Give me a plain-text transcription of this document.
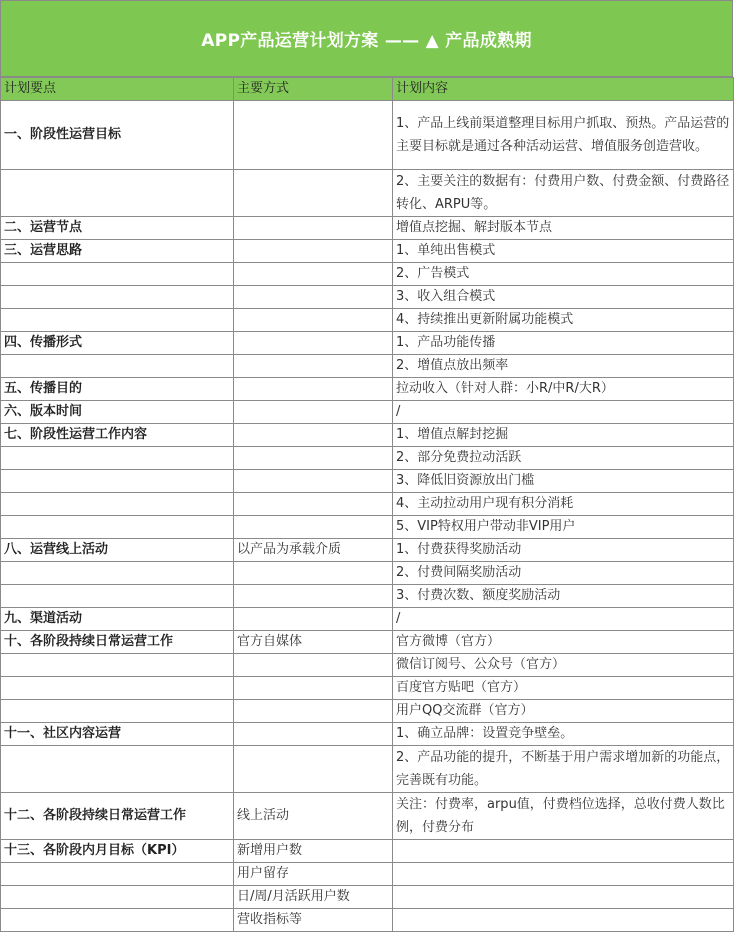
APP产品运营计划方案 —— ▲ 产品成熟期
计划要点	主要方式	计划内容
一、阶段性运营目标		1、产品上线前渠道整理目标用户抓取、预热。产品运营的主要目标就是通过各种活动运营、增值服务创造营收。
		2、主要关注的数据有：付费用户数、付费金额、付费路径转化、ARPU等。
二、运营节点		增值点挖掘、解封版本节点
三、运营思路		1、单纯出售模式
		2、广告模式
		3、收入组合模式
		4、持续推出更新附属功能模式
四、传播形式		1、产品功能传播
		2、增值点放出频率
五、传播目的		拉动收入（针对人群：小R/中R/大R）
六、版本时间		/
七、阶段性运营工作内容		1、增值点解封挖掘
		2、部分免费拉动活跃
		3、降低旧资源放出门槛
		4、主动拉动用户现有积分消耗
		5、VIP特权用户带动非VIP用户
八、运营线上活动	以产品为承载介质	1、付费获得奖励活动
		2、付费间隔奖励活动
		3、付费次数、额度奖励活动
九、渠道活动		/
十、各阶段持续日常运营工作	官方自媒体	官方微博（官方）
		微信订阅号、公众号（官方）
		百度官方贴吧（官方）
		用户QQ交流群（官方）
十一、社区内容运营		1、确立品牌：设置竞争壁垒。
		2、产品功能的提升，不断基于用户需求增加新的功能点，完善既有功能。
十二、各阶段持续日常运营工作	线上活动	关注：付费率，arpu值，付费档位选择，总收付费人数比例，付费分布
十三、各阶段内月目标（KPI）	新增用户数	
	用户留存	
	日/周/月活跃用户数	
	营收指标等	
